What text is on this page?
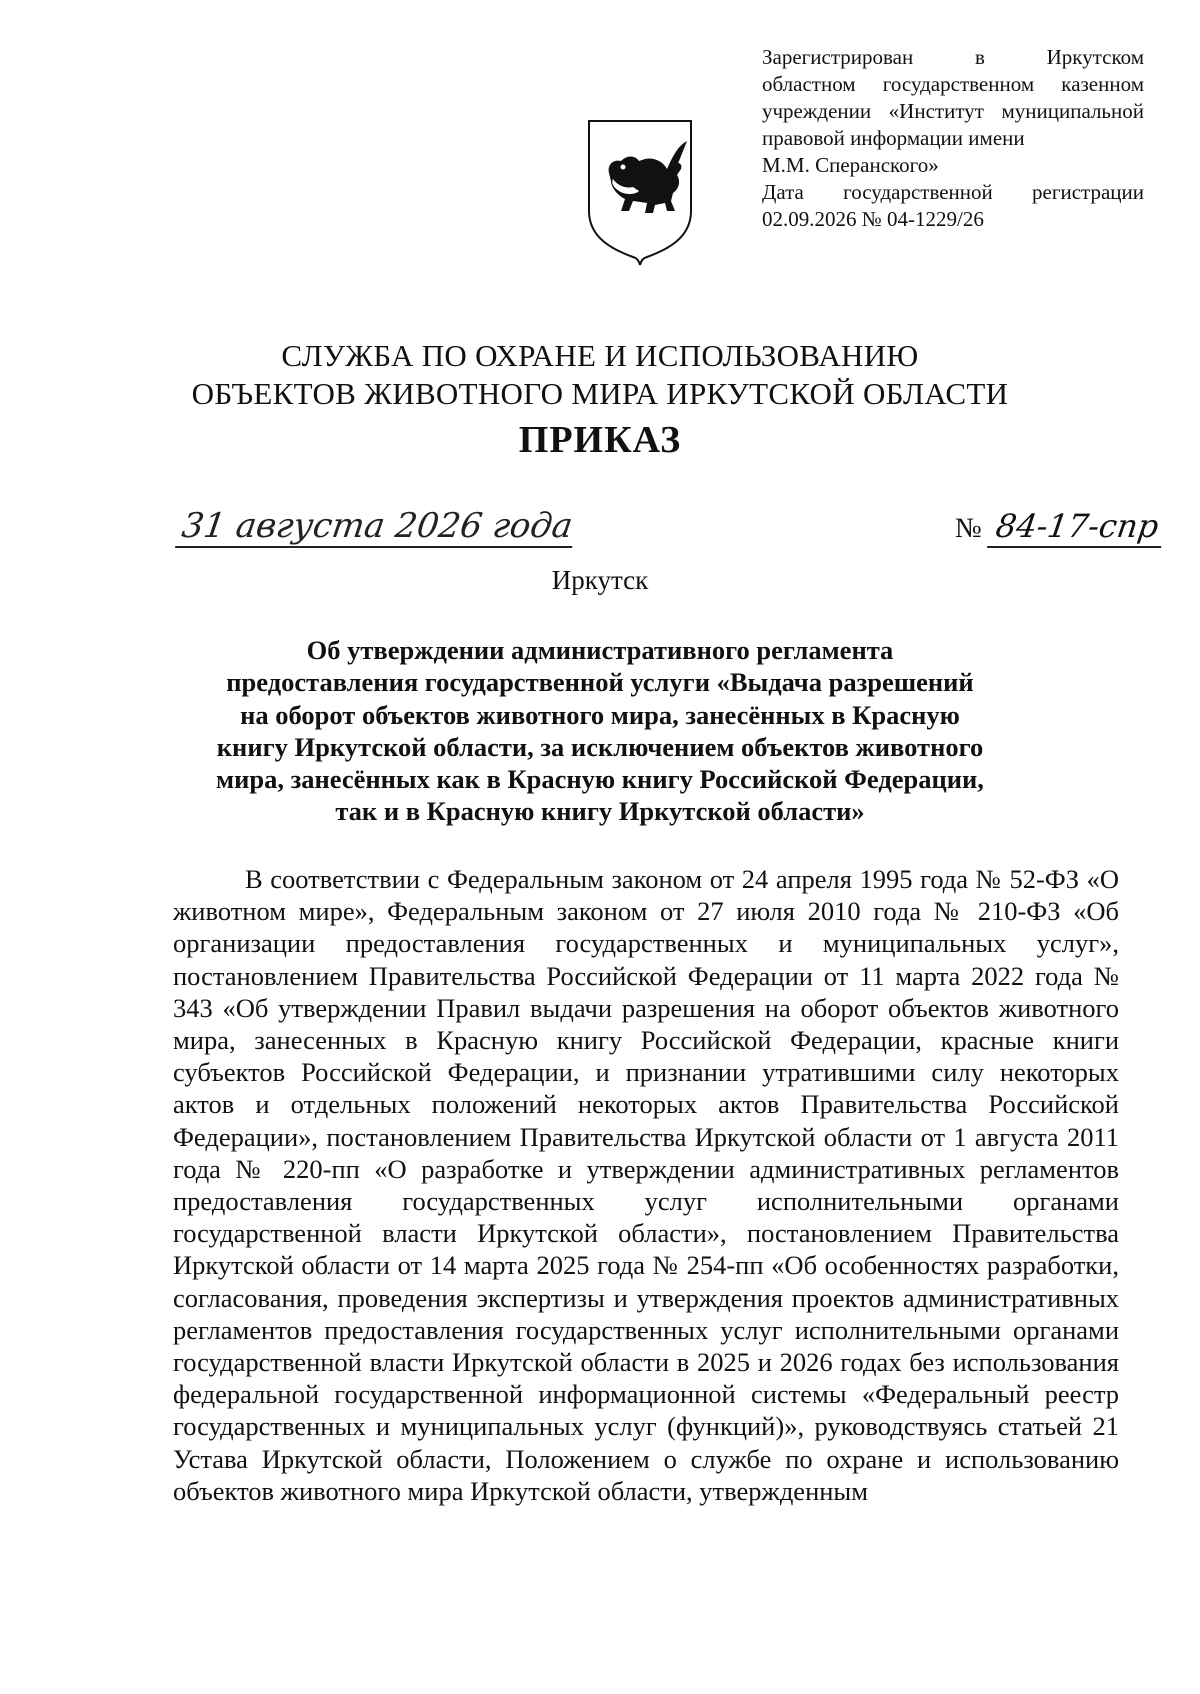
Зарегистрирован в Иркутском
областном государственном казенном
учреждении «Институт муниципальной
правовой информации имени
М.М. Сперанского»
Дата государственной регистрации
02.09.2026 № 04-1229/26
СЛУЖБА ПО ОХРАНЕ И ИСПОЛЬЗОВАНИЮ
ОБЪЕКТОВ ЖИВОТНОГО МИРА ИРКУТСКОЙ ОБЛАСТИ
ПРИКАЗ
31 августа 2026 года	№ 84-17-спр
Иркутск
Об утверждении административного регламента предоставления государственной услуги «Выдача разрешений на оборот объектов животного мира, занесённых в Красную книгу Иркутской области, за исключением объектов животного мира, занесённых как в Красную книгу Российской Федерации, так и в Красную книгу Иркутской области»

В соответствии с Федеральным законом от 24 апреля 1995 года № 52-ФЗ «О животном мире», Федеральным законом от 27 июля 2010 года № 210-ФЗ «Об организации предоставления государственных и муниципальных услуг», постановлением Правительства Российской Федерации от 11 марта 2022 года № 343 «Об утверждении Правил выдачи разрешения на оборот объектов животного мира, занесенных в Красную книгу Российской Федерации, красные книги субъектов Российской Федерации, и признании утратившими силу некоторых актов и отдельных положений некоторых актов Правительства Российской Федерации», постановлением Правительства Иркутской области от 1 августа 2011 года № 220-пп «О разработке и утверждении административных регламентов предоставления государственных услуг исполнительными органами государственной власти Иркутской области», постановлением Правительства Иркутской области от 14 марта 2025 года № 254-пп «Об особенностях разработки, согласования, проведения экспертизы и утверждения проектов административных регламентов предоставления государственных услуг исполнительными органами государственной власти Иркутской области в 2025 и 2026 годах без использования федеральной государственной информационной системы «Федеральный реестр государственных и муниципальных услуг (функций)», руководствуясь статьей 21 Устава Иркутской области, Положением о службе по охране и использованию объектов животного мира Иркутской области, утвержденным
